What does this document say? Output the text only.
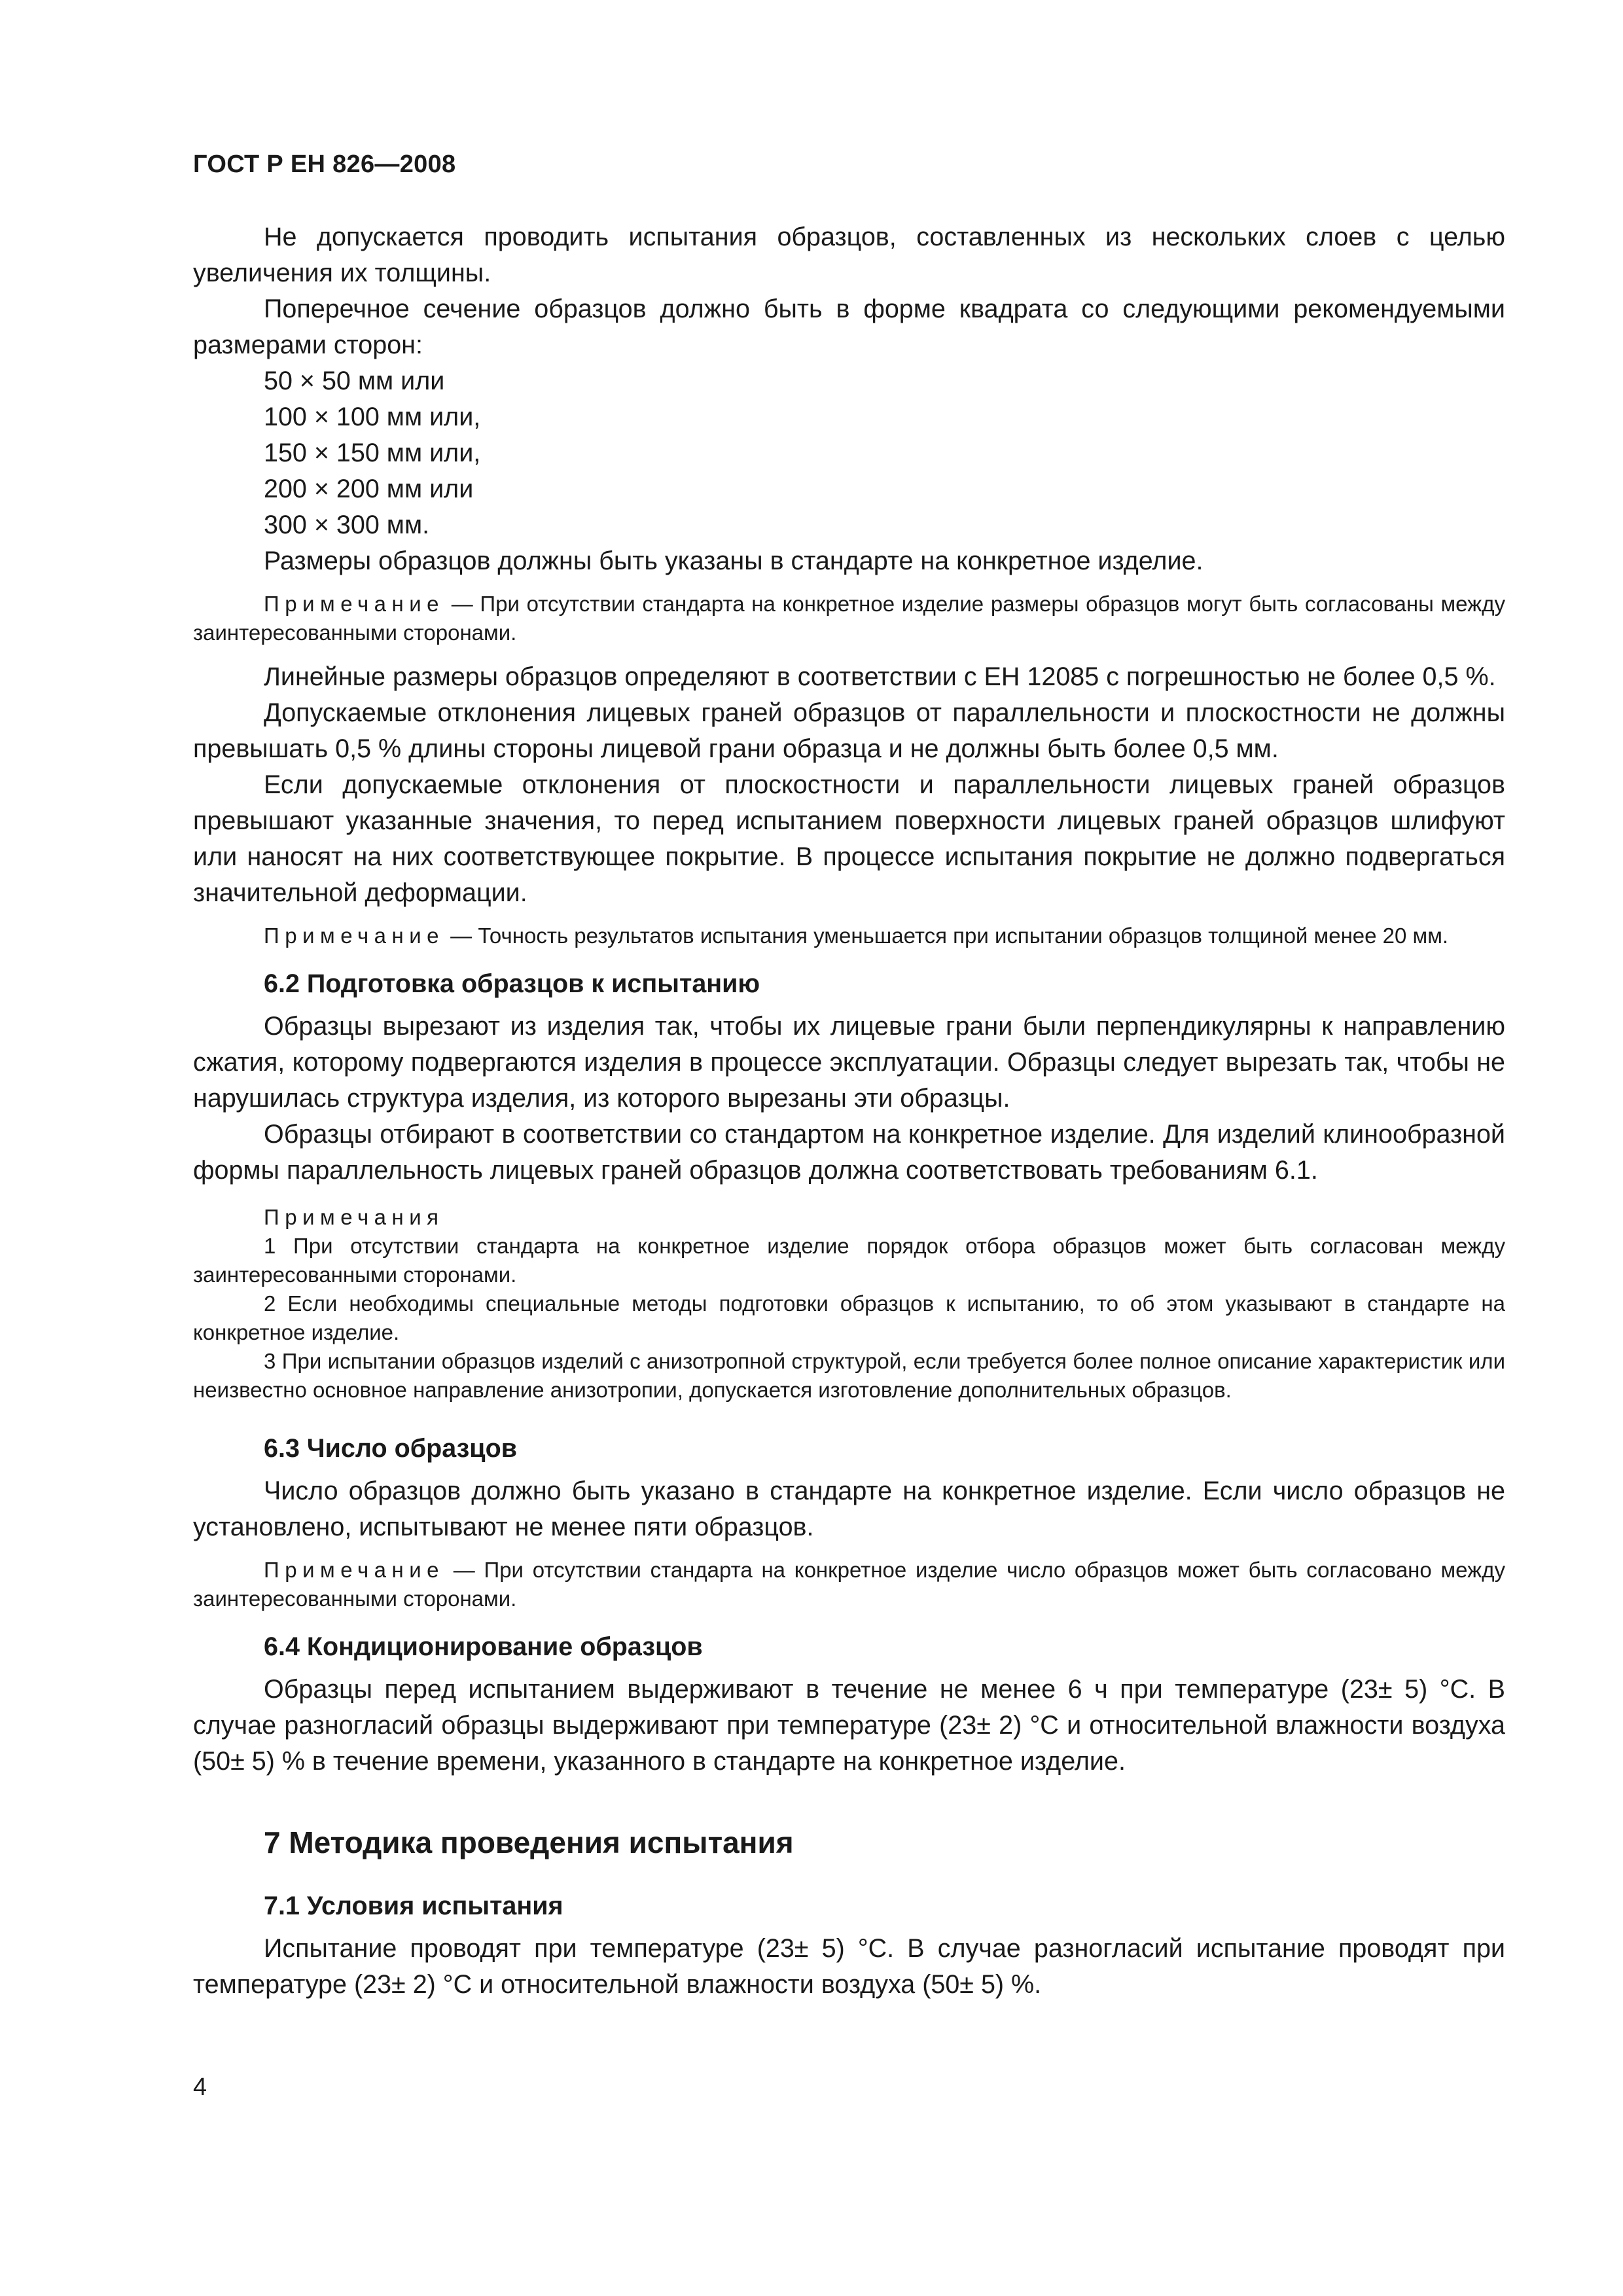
ГОСТ Р ЕН 826—2008

Не допускается проводить испытания образцов, составленных из нескольких слоев с целью увеличения их толщины.

Поперечное сечение образцов должно быть в форме квадрата со следующими рекомендуемыми размерами сторон:

50 × 50 мм или
100 × 100 мм или,
150 × 150 мм или,
200 × 200 мм или
300 × 300 мм.

Размеры образцов должны быть указаны в стандарте на конкретное изделие.

Примечание — При отсутствии стандарта на конкретное изделие размеры образцов могут быть согласованы между заинтересованными сторонами.

Линейные размеры образцов определяют в соответствии с ЕН 12085 с погрешностью не более 0,5 %.

Допускаемые отклонения лицевых граней образцов от параллельности и плоскостности не должны превышать 0,5 % длины стороны лицевой грани образца и не должны быть более 0,5 мм.

Если допускаемые отклонения от плоскостности и параллельности лицевых граней образцов превышают указанные значения, то перед испытанием поверхности лицевых граней образцов шлифуют или наносят на них соответствующее покрытие. В процессе испытания покрытие не должно подвергаться значительной деформации.

Примечание — Точность результатов испытания уменьшается при испытании образцов толщиной менее 20 мм.

6.2 Подготовка образцов к испытанию

Образцы вырезают из изделия так, чтобы их лицевые грани были перпендикулярны к направлению сжатия, которому подвергаются изделия в процессе эксплуатации. Образцы следует вырезать так, чтобы не нарушилась структура изделия, из которого вырезаны эти образцы.

Образцы отбирают в соответствии со стандартом на конкретное изделие. Для изделий клинообразной формы параллельность лицевых граней образцов должна соответствовать требованиям 6.1.

Примечания

1 При отсутствии стандарта на конкретное изделие порядок отбора образцов может быть согласован между заинтересованными сторонами.

2 Если необходимы специальные методы подготовки образцов к испытанию, то об этом указывают в стандарте на конкретное изделие.

3 При испытании образцов изделий с анизотропной структурой, если требуется более полное описание характеристик или неизвестно основное направление анизотропии, допускается изготовление дополнительных образцов.

6.3 Число образцов

Число образцов должно быть указано в стандарте на конкретное изделие. Если число образцов не установлено, испытывают не менее пяти образцов.

Примечание — При отсутствии стандарта на конкретное изделие число образцов может быть согласовано между заинтересованными сторонами.

6.4 Кондиционирование образцов

Образцы перед испытанием выдерживают в течение не менее 6 ч при температуре (23± 5) °С. В случае разногласий образцы выдерживают при температуре (23± 2) °С и относительной влажности воздуха (50± 5) % в течение времени, указанного в стандарте на конкретное изделие.

7 Методика проведения испытания
7.1 Условия испытания

Испытание проводят при температуре (23± 5) °С. В случае разногласий испытание проводят при температуре (23± 2) °С и относительной влажности воздуха (50± 5) %.

4
